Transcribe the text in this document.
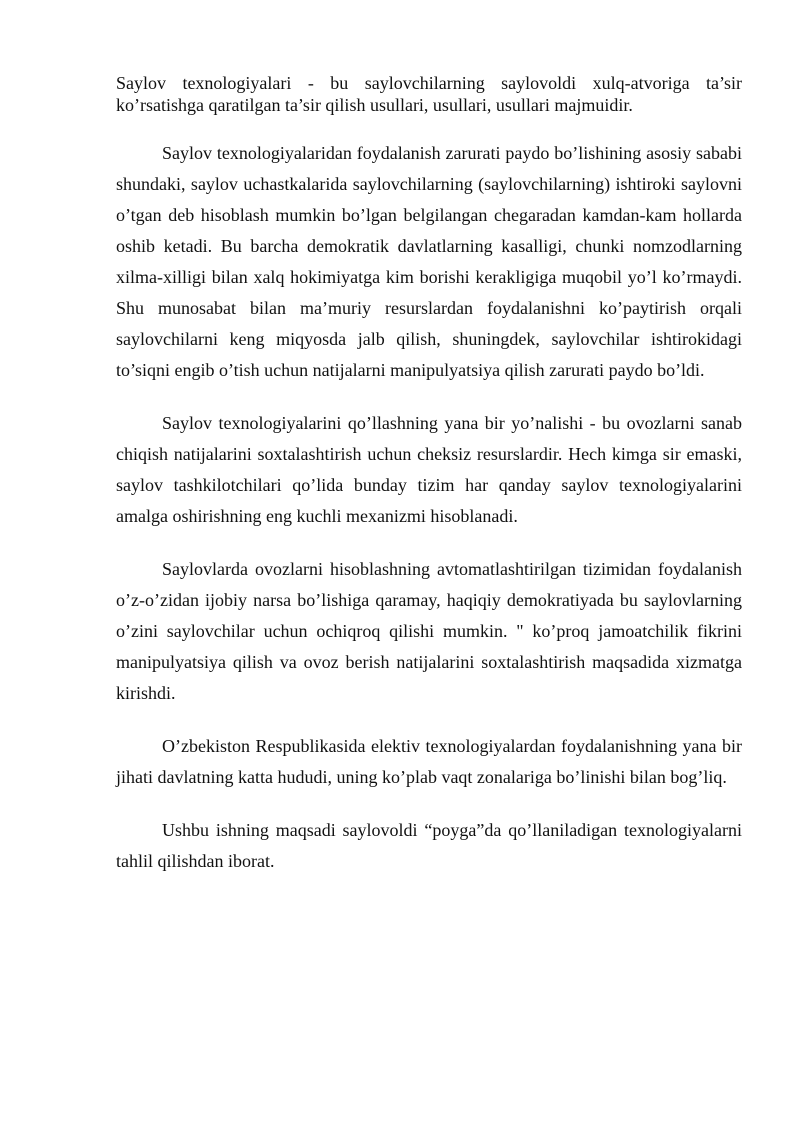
Saylov texnologiyalari - bu saylovchilarning saylovoldi xulq-atvoriga ta’sir ko’rsatishga qaratilgan ta’sir qilish usullari, usullari, usullari majmuidir.

Saylov texnologiyalaridan foydalanish zarurati paydo bo’lishining asosiy sababi shundaki, saylov uchastkalarida saylovchilarning (saylovchilarning) ishtiroki saylovni o’tgan deb hisoblash mumkin bo’lgan belgilangan chegaradan kamdan-kam hollarda oshib ketadi. Bu barcha demokratik davlatlarning kasalligi, chunki nomzodlarning xilma-xilligi bilan xalq hokimiyatga kim borishi kerakligiga muqobil yo’l ko’rmaydi. Shu munosabat bilan ma’muriy resurslardan foydalanishni ko’paytirish orqali saylovchilarni keng miqyosda jalb qilish, shuningdek, saylovchilar ishtirokidagi to’siqni engib o’tish uchun natijalarni manipulyatsiya qilish zarurati paydo bo’ldi.

Saylov texnologiyalarini qo’llashning yana bir yo’nalishi - bu ovozlarni sanab chiqish natijalarini soxtalashtirish uchun cheksiz resurslardir. Hech kimga sir emaski, saylov tashkilotchilari qo’lida bunday tizim har qanday saylov texnologiyalarini amalga oshirishning eng kuchli mexanizmi hisoblanadi.

Saylovlarda ovozlarni hisoblashning avtomatlashtirilgan tizimidan foydalanish o’z-o’zidan ijobiy narsa bo’lishiga qaramay, haqiqiy demokratiyada bu saylovlarning o’zini saylovchilar uchun ochiqroq qilishi mumkin. " ko’proq jamoatchilik fikrini manipulyatsiya qilish va ovoz berish natijalarini soxtalashtirish maqsadida xizmatga kirishdi.

O’zbekiston Respublikasida elektiv texnologiyalardan foydalanishning yana bir jihati davlatning katta hududi, uning ko’plab vaqt zonalariga bo’linishi bilan bog’liq.

Ushbu ishning maqsadi saylovoldi “poyga”da qo’llaniladigan texnologiyalarni tahlil qilishdan iborat.
